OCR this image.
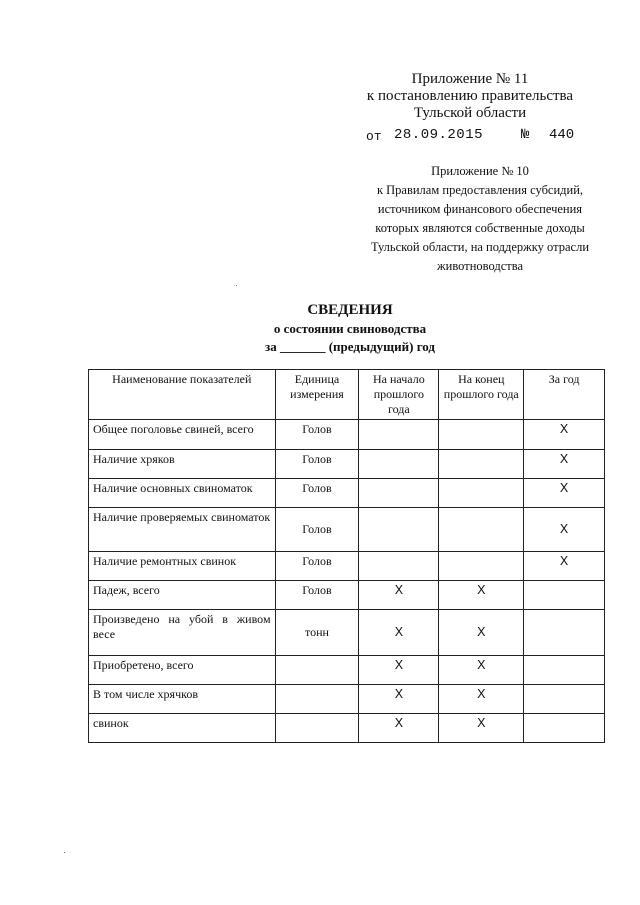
Приложение № 11
к постановлению правительства
Тульской области
от 28.09.2015	№ 440
Приложение № 10
к Правилам предоставления субсидий,
источником финансового обеспечения
которых являются собственные доходы
Тульской области, на поддержку отрасли
животноводства
СВЕДЕНИЯ
о состоянии свиноводства
за _______ (предыдущий) год
Наименование показателей	Единица измерения	На начало прошлого года	На конец прошлого года	За год
Общее поголовье свиней, всего	Голов			X
Наличие хряков	Голов			X
Наличие основных свиноматок	Голов			X
Наличие проверяемых свиноматок	Голов			X
Наличие ремонтных свинок	Голов			X
Падеж, всего	Голов	X	X	
Произведено на убой в живом весе	тонн	X	X	
Приобретено, всего		X	X	
В том числе хрячков		X	X	
свинок		X	X	
